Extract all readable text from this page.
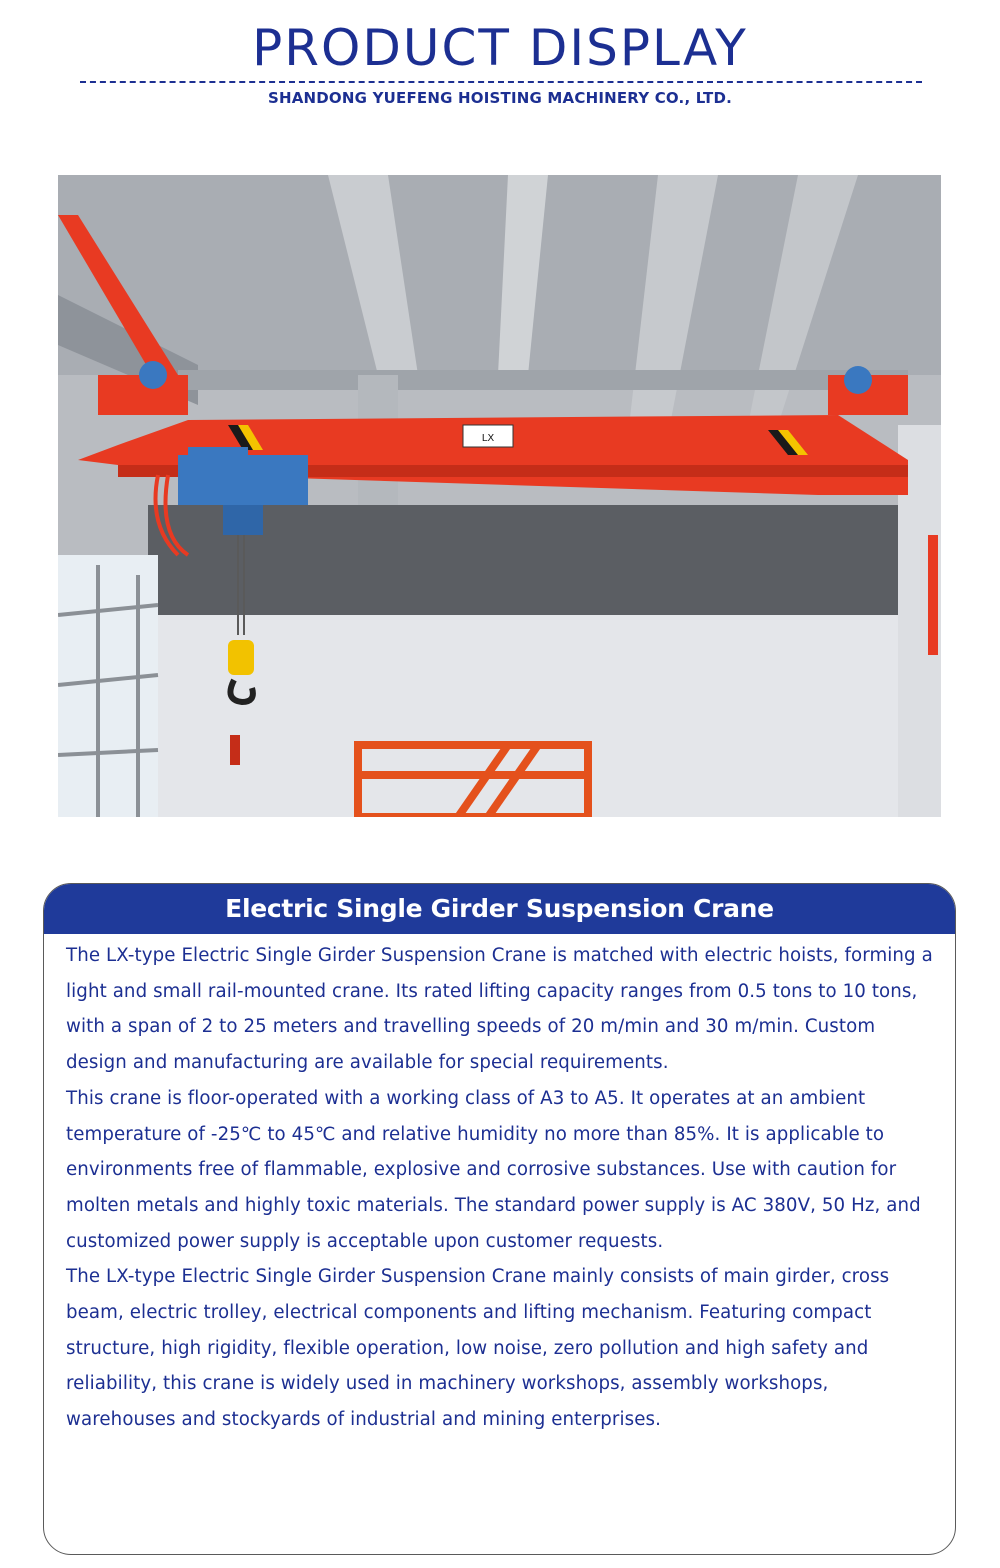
PRODUCT DISPLAY
SHANDONG YUEFENG HOISTING MACHINERY CO., LTD.
LX
Electric Single Girder Suspension Crane

The LX-type Electric Single Girder Suspension Crane is matched with electric hoists, forming a light and small rail-mounted crane. Its rated lifting capacity ranges from 0.5 tons to 10 tons, with a span of 2 to 25 meters and travelling speeds of 20 m/min and 30 m/min. Custom design and manufacturing are available for special requirements.

This crane is floor-operated with a working class of A3 to A5. It operates at an ambient temperature of -25℃ to 45℃ and relative humidity no more than 85%. It is applicable to environments free of flammable, explosive and corrosive substances. Use with caution for molten metals and highly toxic materials. The standard power supply is AC 380V, 50 Hz, and customized power supply is acceptable upon customer requests.

The LX-type Electric Single Girder Suspension Crane mainly consists of main girder, cross beam, electric trolley, electrical components and lifting mechanism. Featuring compact structure, high rigidity, flexible operation, low noise, zero pollution and high safety and reliability, this crane is widely used in machinery workshops, assembly workshops, warehouses and stockyards of industrial and mining enterprises.
